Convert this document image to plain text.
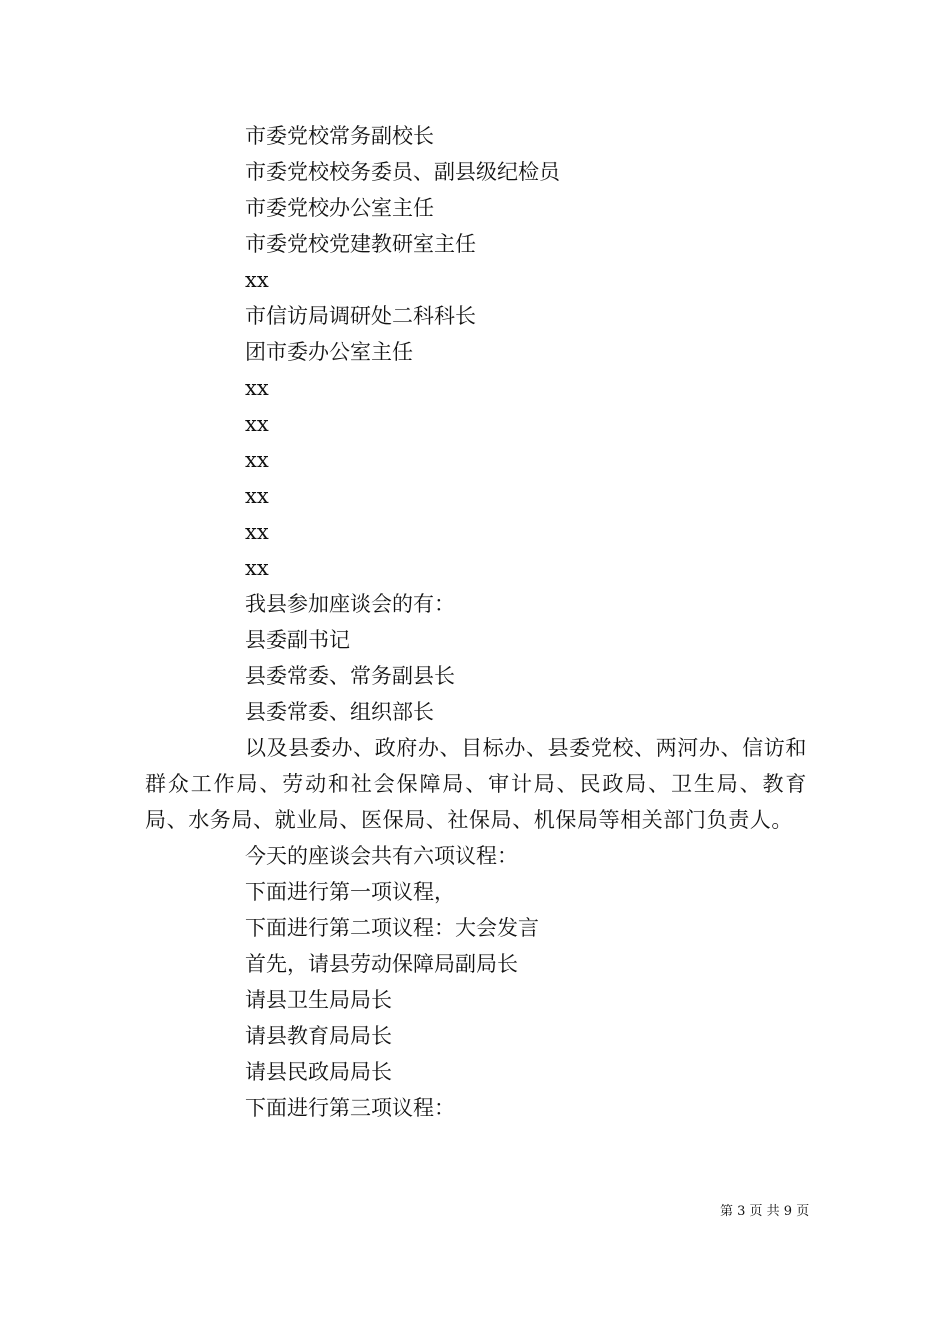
市委党校常务副校长
市委党校校务委员、副县级纪检员
市委党校办公室主任
市委党校党建教研室主任
xx
市信访局调研处二科科长
团市委办公室主任
xx
xx
xx
xx
xx
xx
我县参加座谈会的有：
县委副书记
县委常委、常务副县长
县委常委、组织部长
以及县委办、政府办、目标办、县委党校、两河办、信访和群众工作局、劳动和社会保障局、审计局、民政局、卫生局、教育局、水务局、就业局、医保局、社保局、机保局等相关部门负责人。
今天的座谈会共有六项议程：
下面进行第一项议程，
下面进行第二项议程：大会发言
首先，请县劳动保障局副局长
请县卫生局局长
请县教育局局长
请县民政局局长
下面进行第三项议程：
第 3 页 共 9 页
